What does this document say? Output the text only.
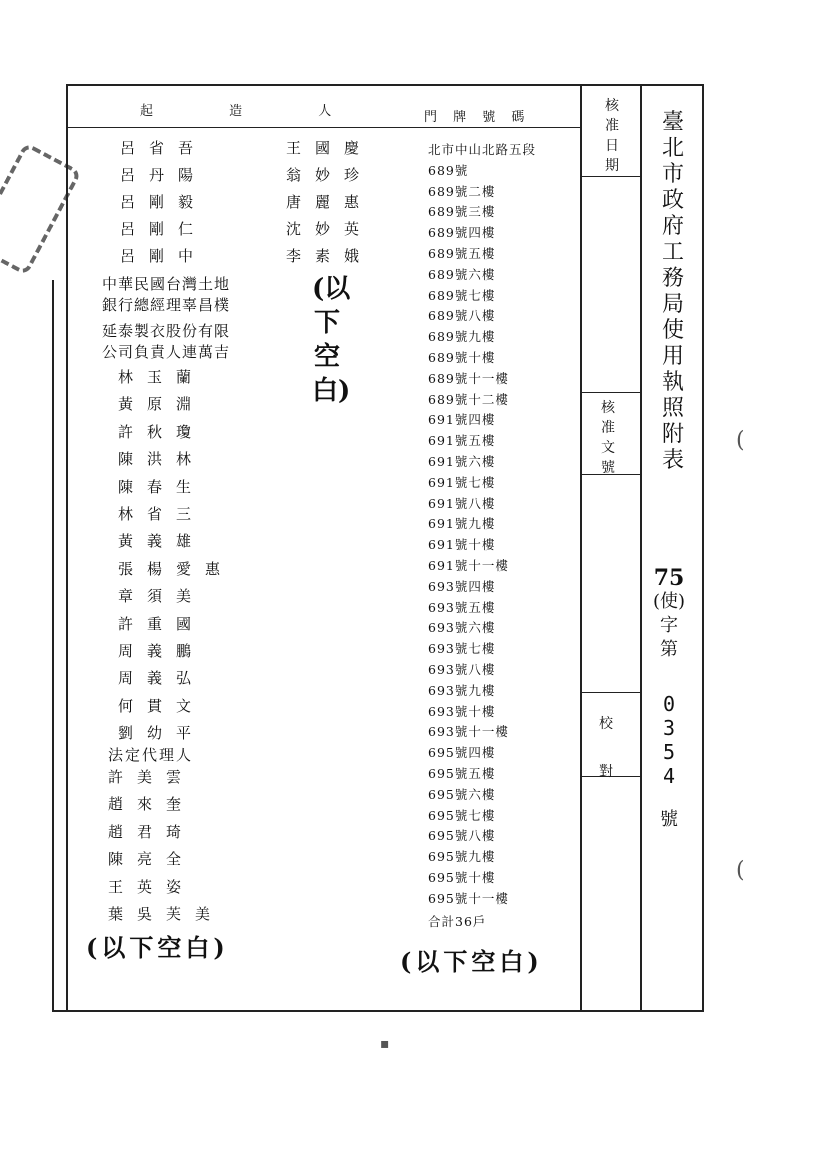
臺北市政府工務局使用執照附表
核准日期
核准文號
校對
起 造 人	門 牌 號 碼
75
(使)字第
0354
號
呂省吾
呂丹陽
呂剛毅
呂剛仁
呂剛中
王國慶
翁妙珍
唐麗惠
沈妙英
李素娥
中華民國台灣土地
銀行總經理辜昌樸
延泰製衣股份有限
公司負責人連萬吉
(以下空白)
林玉蘭
黃原淵
許秋瓊
陳洪林
陳春生
林省三
黃義雄
張楊愛惠
章須美
許重國
周義鵬
周義弘
何貫文
劉幼平
法定代理人
許美雲
趙來奎
趙君琦
陳亮全
王英姿
葉吳芙美
(以下空白)	(以下空白)
北市中山北路五段
689號
689號二樓
689號三樓
689號四樓
689號五樓
689號六樓
689號七樓
689號八樓
689號九樓
689號十樓
689號十一樓
689號十二樓
691號四樓
691號五樓
691號六樓
691號七樓
691號八樓
691號九樓
691號十樓
691號十一樓
693號四樓
693號五樓
693號六樓
693號七樓
693號八樓
693號九樓
693號十樓
693號十一樓
695號四樓
695號五樓
695號六樓
695號七樓
695號八樓
695號九樓
695號十樓
695號十一樓
合計36戶
▪
(
(
